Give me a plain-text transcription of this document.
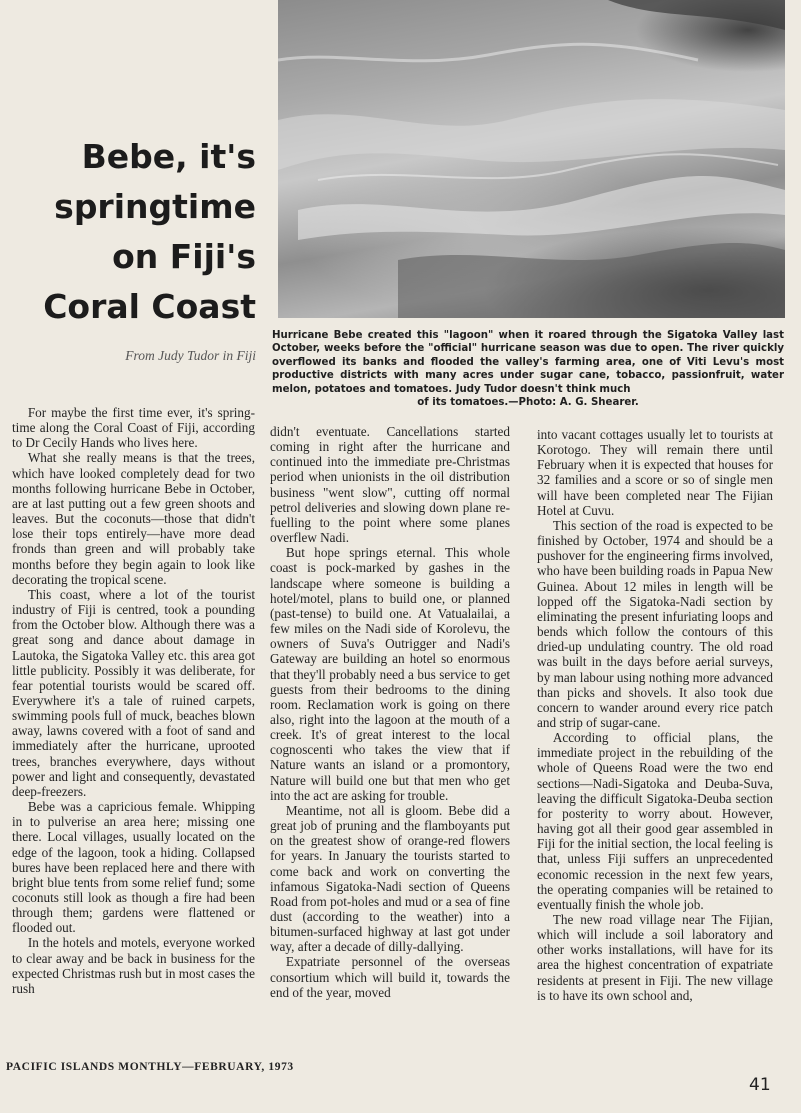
Bebe, it's
springtime
on Fiji's
Coral Coast
From Judy Tudor in Fiji
Hurricane Bebe created this "lagoon" when it roared through the Sigatoka Valley last October, weeks before the "official" hurricane season was due to open. The river quickly overflowed its banks and flooded the valley's farming area, one of Viti Levu's most productive districts with many acres under sugar cane, tobacco, passionfruit, water melon, potatoes and tomatoes. Judy Tudor doesn't think much
of its tomatoes.—Photo: A. G. Shearer.

For maybe the first time ever, it's spring-time along the Coral Coast of Fiji, according to Dr Cecily Hands who lives here.

What she really means is that the trees, which have looked completely dead for two months following hurricane Bebe in October, are at last putting out a few green shoots and leaves. But the coconuts—those that didn't lose their tops entirely—have more dead fronds than green and will probably take months before they begin again to look like decorating the tropical scene.

This coast, where a lot of the tourist industry of Fiji is centred, took a pounding from the October blow. Although there was a great song and dance about damage in Lautoka, the Sigatoka Valley etc. this area got little publicity. Possibly it was deliberate, for fear potential tourists would be scared off. Everywhere it's a tale of ruined carpets, swimming pools full of muck, beaches blown away, lawns covered with a foot of sand and immediately after the hurricane, uprooted trees, branches everywhere, days without power and light and consequently, devastated deep-freezers.

Bebe was a capricious female. Whipping in to pulverise an area here; missing one there. Local villages, usually located on the edge of the lagoon, took a hiding. Collapsed bures have been replaced here and there with bright blue tents from some relief fund; some coconuts still look as though a fire had been through them; gardens were flattened or flooded out.

In the hotels and motels, everyone worked to clear away and be back in business for the expected Christmas rush but in most cases the rush

didn't eventuate. Cancellations started coming in right after the hurricane and continued into the immediate pre-Christmas period when unionists in the oil distribution business "went slow", cutting off normal petrol deliveries and slowing down plane re-fuelling to the point where some planes overflew Nadi.

But hope springs eternal. This whole coast is pock-marked by gashes in the landscape where someone is building a hotel/motel, plans to build one, or planned (past-tense) to build one. At Vatualailai, a few miles on the Nadi side of Korolevu, the owners of Suva's Outrigger and Nadi's Gateway are building an hotel so enormous that they'll probably need a bus service to get guests from their bedrooms to the dining room. Reclamation work is going on there also, right into the lagoon at the mouth of a creek. It's of great interest to the local cognoscenti who takes the view that if Nature wants an island or a promontory, Nature will build one but that men who get into the act are asking for trouble.

Meantime, not all is gloom. Bebe did a great job of pruning and the flamboyants put on the greatest show of orange-red flowers for years. In January the tourists started to come back and work on converting the infamous Sigatoka-Nadi section of Queens Road from pot-holes and mud or a sea of fine dust (according to the weather) into a bitumen-surfaced highway at last got under way, after a decade of dilly-dallying.

Expatriate personnel of the overseas consortium which will build it, towards the end of the year, moved

into vacant cottages usually let to tourists at Korotogo. They will remain there until February when it is expected that houses for 32 families and a score or so of single men will have been completed near The Fijian Hotel at Cuvu.

This section of the road is expected to be finished by October, 1974 and should be a pushover for the engineering firms involved, who have been building roads in Papua New Guinea. About 12 miles in length will be lopped off the Sigatoka-Nadi section by eliminating the present infuriating loops and bends which follow the contours of this dried-up undulating country. The old road was built in the days before aerial surveys, by man labour using nothing more advanced than picks and shovels. It also took due concern to wander around every rice patch and strip of sugar-cane.

According to official plans, the immediate project in the rebuilding of the whole of Queens Road were the two end sections—Nadi-Sigatoka and Deuba-Suva, leaving the difficult Sigatoka-Deuba section for posterity to worry about. However, having got all their good gear assembled in Fiji for the initial section, the local feeling is that, unless Fiji suffers an unprecedented economic recession in the next few years, the operating companies will be retained to eventually finish the whole job.

The new road village near The Fijian, which will include a soil laboratory and other works installations, will have for its area the highest concentration of expatriate residents at present in Fiji. The new village is to have its own school and,

PACIFIC ISLANDS MONTHLY—FEBRUARY, 1973
41
